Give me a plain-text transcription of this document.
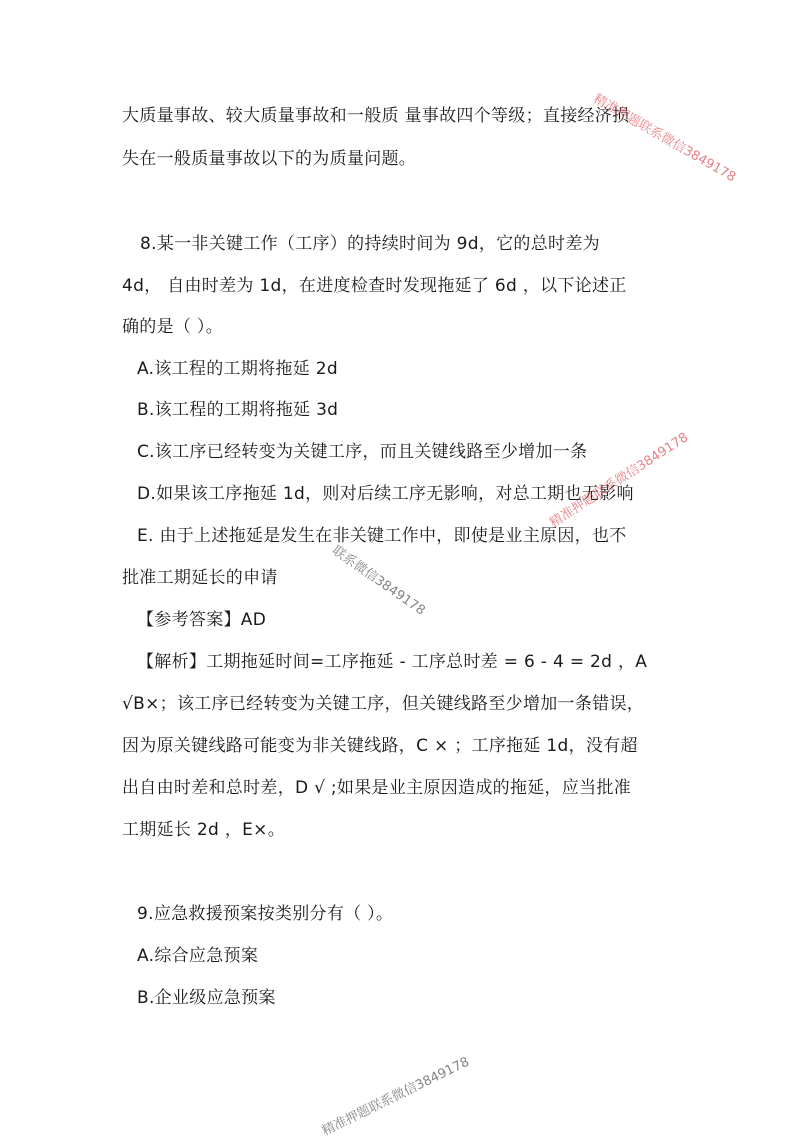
大质量事故、较大质量事故和一般质 量事故四个等级；直接经济损
失在一般质量事故以下的为质量问题。
8.某一非关键工作（工序）的持续时间为 9d，它的总时差为
4d， 自由时差为 1d，在进度检查时发现拖延了 6d ，以下论述正
确的是（ ）。
A.该工程的工期将拖延 2d
B.该工程的工期将拖延 3d
C.该工序已经转变为关键工序，而且关键线路至少增加一条
D.如果该工序拖延 1d，则对后续工序无影响，对总工期也无影响
E. 由于上述拖延是发生在非关键工作中，即使是业主原因，也不
批准工期延长的申请
【参考答案】AD
【解析】工期拖延时间=工序拖延 - 工序总时差 = 6 - 4 = 2d ，A
√B×；该工序已经转变为关键工序，但关键线路至少增加一条错误，
因为原关键线路可能变为非关键线路，C × ；工序拖延 1d，没有超
出自由时差和总时差，D √ ;如果是业主原因造成的拖延，应当批准
工期延长 2d ，E×。
9.应急救援预案按类别分有（ ）。
A.综合应急预案
B.企业级应急预案
精准押题联系微信3849178
精准押题联系微信3849178
联系微信3849178
精准押题联系微信3849178
